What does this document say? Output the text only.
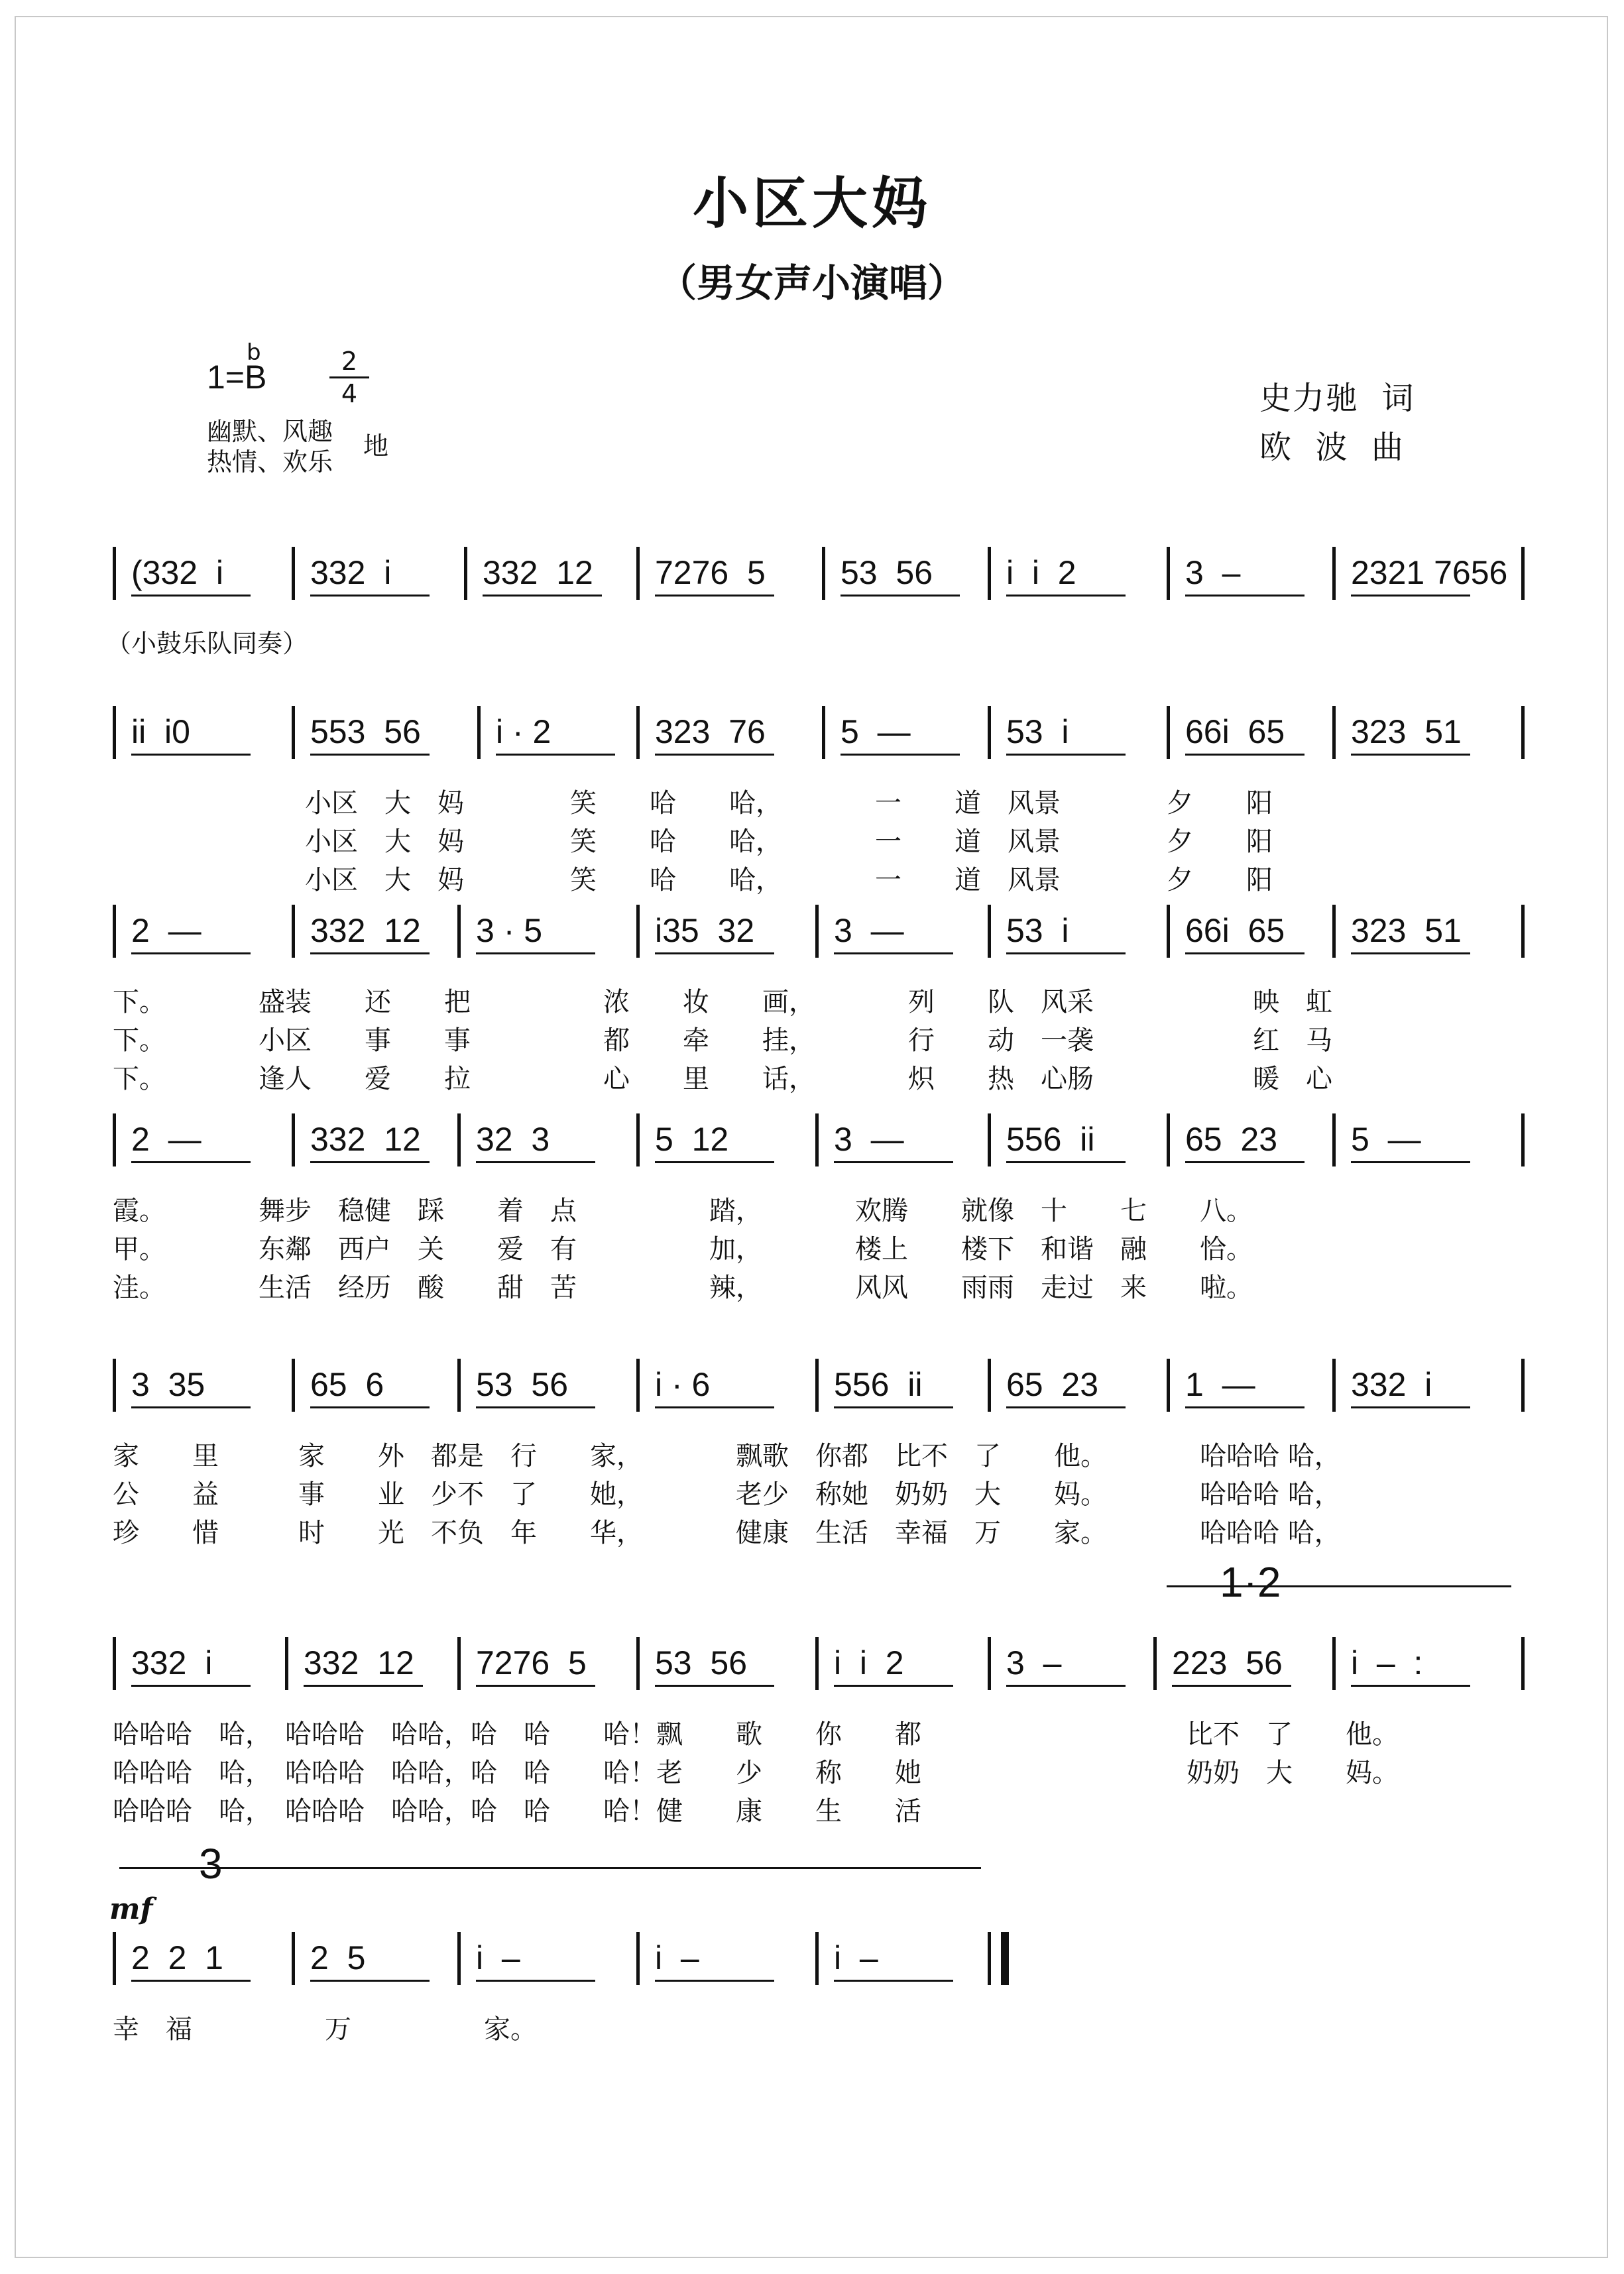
小区大妈
（男女声小演唱）
1=B
b	2
4
幽默、风趣
热情、欢乐
地
史力驰  词
欧  波  曲
(332  i	332  i	332  12 7276  5 53  56 i  i  2	3  –	2321 7656
（小鼓乐队同奏）
ii  i0	553  56 i · 2	323  76 5  —	53  i	66i  65 323  51
小区　大　妈　　　　笑　　哈　　哈，　　　　一　　道　风景　　　　夕　　阳
小区　大　妈　　　　笑　　哈　　哈，　　　　一　　道　风景　　　　夕　　阳
小区　大　妈　　　　笑　　哈　　哈，　　　　一　　道　风景　　　　夕　　阳
2  —	332  12 3 · 5	i35  32 3  —	53  i	66i  65 323  51
下。　　　　盛装　　还　　把　　　　　浓　　妆　　画，　　　　列　　队　风采　　　　　　映　虹
下。　　　　小区　　事　　事　　　　　都　　牵　　挂，　　　　行　　动　一袭　　　　　　红　马
下。　　　　逢人　　爱　　拉　　　　　心　　里　　话，　　　　炽　　热　心肠　　　　　　暖　心
2  —	332  12 32  3	5  12	3  —	556  ii	65  23 5  —
霞。　　　　舞步　稳健　踩　　着　点　　　　　踏，　　　　欢腾　　就像　十　　七　　八。
甲。　　　　东鄰　西户　关　　爱　有　　　　　加，　　　　楼上　　楼下　和谐　融　　恰。
洼。　　　　生活　经历　酸　　甜　苦　　　　　辣，　　　　风风　　雨雨　走过　来　　啦。
3  35	65  6	53  56	i · 6	556  ii	65  23	1  —	332  i
家　　里　　　家　　外　都是　行　　家，　　　　飘歌　你都　比不　了　　他。　　　　哈哈哈 哈，
公　　益　　　事　　业　少不　了　　她，　　　　老少　称她　奶奶　大　　妈。　　　　哈哈哈 哈，
珍　　惜　　　时　　光　不负　年　　华，　　　　健康　生活　幸福　万　　家。　　　　哈哈哈 哈，
332  i	332  12 7276  5 53  56	i  i  2	3  –	223  56 i  –  :
哈哈哈　哈，　哈哈哈　哈哈，哈　哈　　哈！飘　　歌　　你　　都　　　　　　　　　　比不　了　　他。
哈哈哈　哈，　哈哈哈　哈哈，哈　哈　　哈！老　　少　　称　　她　　　　　　　　　　奶奶　大　　妈。
哈哈哈　哈，　哈哈哈　哈哈，哈　哈　　哈！健　　康　　生　　活
1·2
2  2  1	2  5	i  –	i  –	i  –
幸　福　　　　　万　　　　　家。
3
mf
